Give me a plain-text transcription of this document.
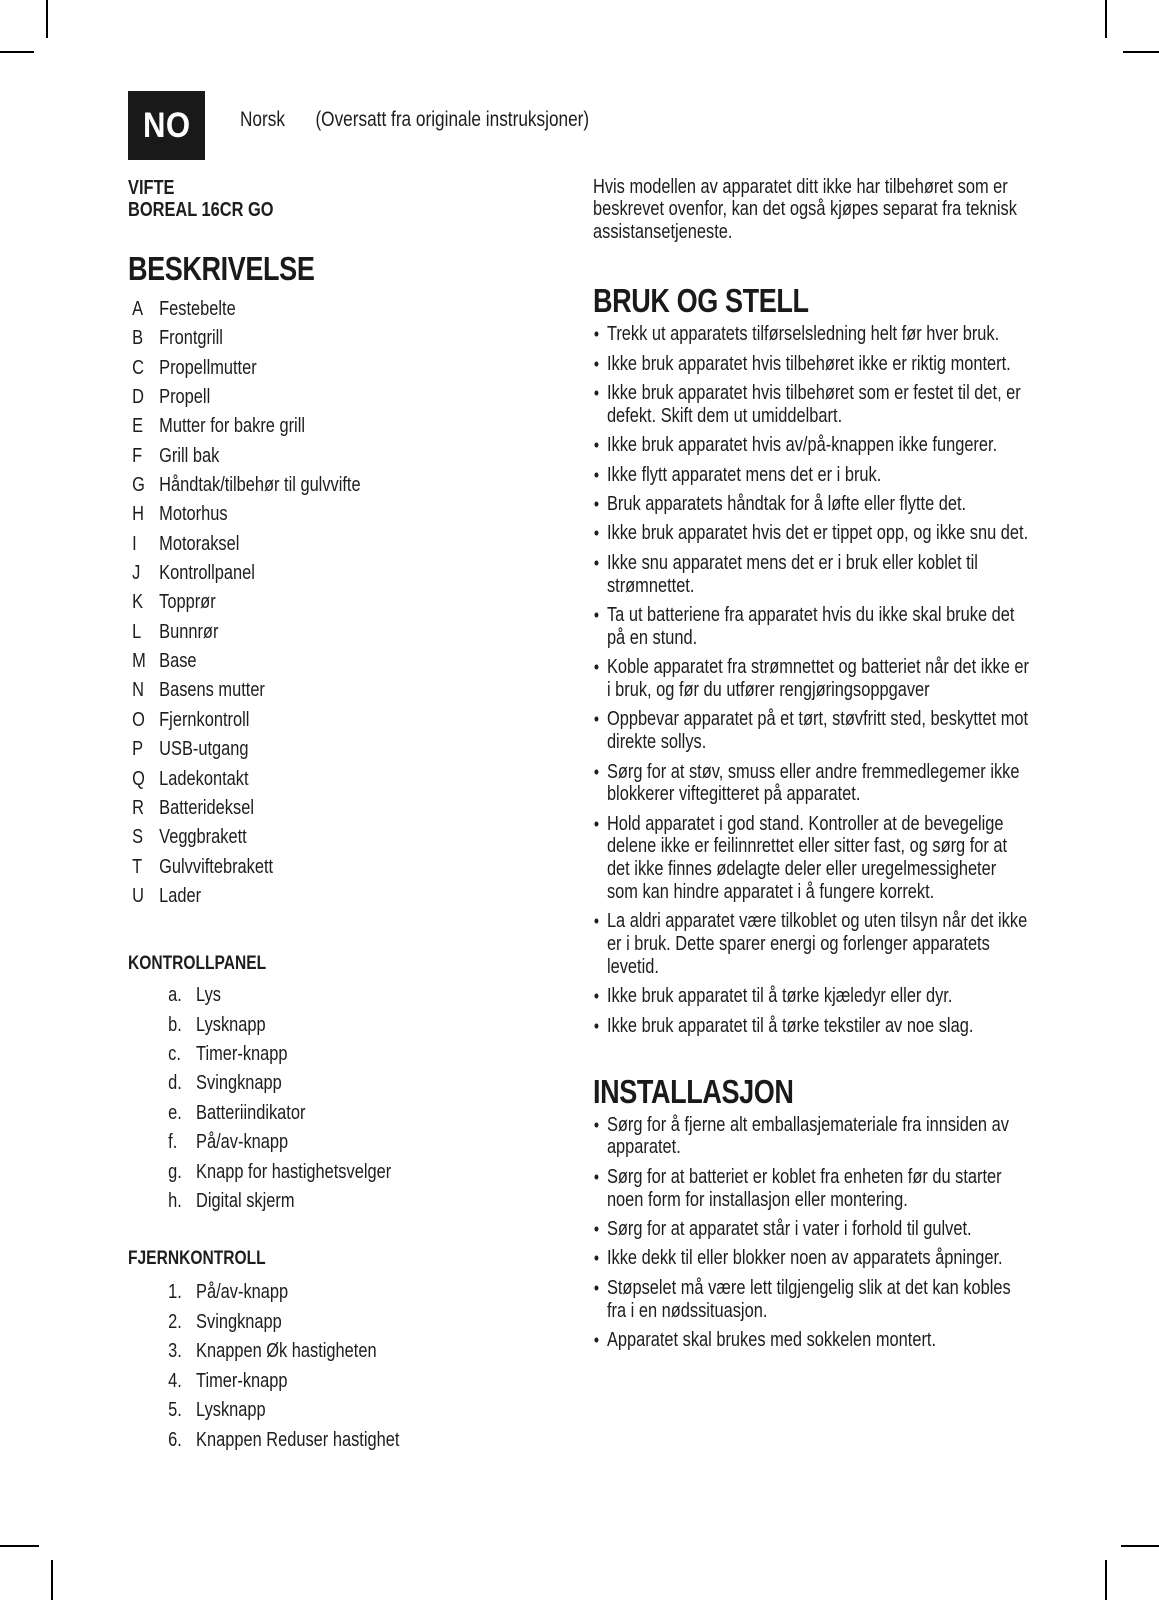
NO Norsk (Oversatt fra originale instruksjoner)
VIFTE
BOREAL 16CR GO
BESKRIVELSE
A Festebelte
B Frontgrill
C Propellmutter
D Propell
E Mutter for bakre grill
F Grill bak
G Håndtak/tilbehør til gulvvifte
H Motorhus
I	Motoraksel
J Kontrollpanel
K Topprør
L Bunnrør
M Base
N Basens mutter
O Fjernkontroll
P USB-utgang
Q Ladekontakt
R Batterideksel
S Veggbrakett
T Gulvviftebrakett
U Lader
KONTROLLPANEL
a. Lys
b. Lysknapp
c. Timer-knapp
d. Svingknapp
e. Batteriindikator
f. På/av-knapp
g. Knapp for hastighetsvelger
h. Digital skjerm
FJERNKONTROLL
1. På/av-knapp
2. Svingknapp
3. Knappen Øk hastigheten
4. Timer-knapp
5. Lysknapp
6. Knappen Reduser hastighet

Hvis modellen av apparatet ditt ikke har tilbehøret som er beskrevet ovenfor, kan det også kjøpes separat fra teknisk assistansetjeneste.

BRUK OG STELL
•
Trekk ut apparatets tilførselsledning helt før hver bruk.
•
Ikke bruk apparatet hvis tilbehøret ikke er riktig montert.
•
Ikke bruk apparatet hvis tilbehøret som er festet til det, er defekt. Skift dem ut umiddelbart.
•
Ikke bruk apparatet hvis av/på-knappen ikke fungerer.
•
Ikke flytt apparatet mens det er i bruk.
•
Bruk apparatets håndtak for å løfte eller flytte det.
•
Ikke bruk apparatet hvis det er tippet opp, og ikke snu det.
•
Ikke snu apparatet mens det er i bruk eller koblet til strømnettet.
•
Ta ut batteriene fra apparatet hvis du ikke skal bruke det på en stund.
•
Koble apparatet fra strømnettet og batteriet når det ikke er i bruk, og før du utfører rengjøringsoppgaver
•
Oppbevar apparatet på et tørt, støvfritt sted, beskyttet mot direkte sollys.
•
Sørg for at støv, smuss eller andre fremmedlegemer ikke blokkerer viftegitteret på apparatet.
•
Hold apparatet i god stand. Kontroller at de bevegelige delene ikke er feilinnrettet eller sitter fast, og sørg for at det ikke finnes ødelagte deler eller uregelmessigheter som kan hindre apparatet i å fungere korrekt.
•
La aldri apparatet være tilkoblet og uten tilsyn når det ikke er i bruk. Dette sparer energi og forlenger apparatets levetid.
•
Ikke bruk apparatet til å tørke kjæledyr eller dyr.
•
Ikke bruk apparatet til å tørke tekstiler av noe slag.
INSTALLASJON
•
Sørg for å fjerne alt emballasjemateriale fra innsiden av apparatet.
•
Sørg for at batteriet er koblet fra enheten før du starter noen form for installasjon eller montering.
•
Sørg for at apparatet står i vater i forhold til gulvet.
•
Ikke dekk til eller blokker noen av apparatets åpninger.
•
Støpselet må være lett tilgjengelig slik at det kan kobles fra i en nødssituasjon.
•
Apparatet skal brukes med sokkelen montert.
